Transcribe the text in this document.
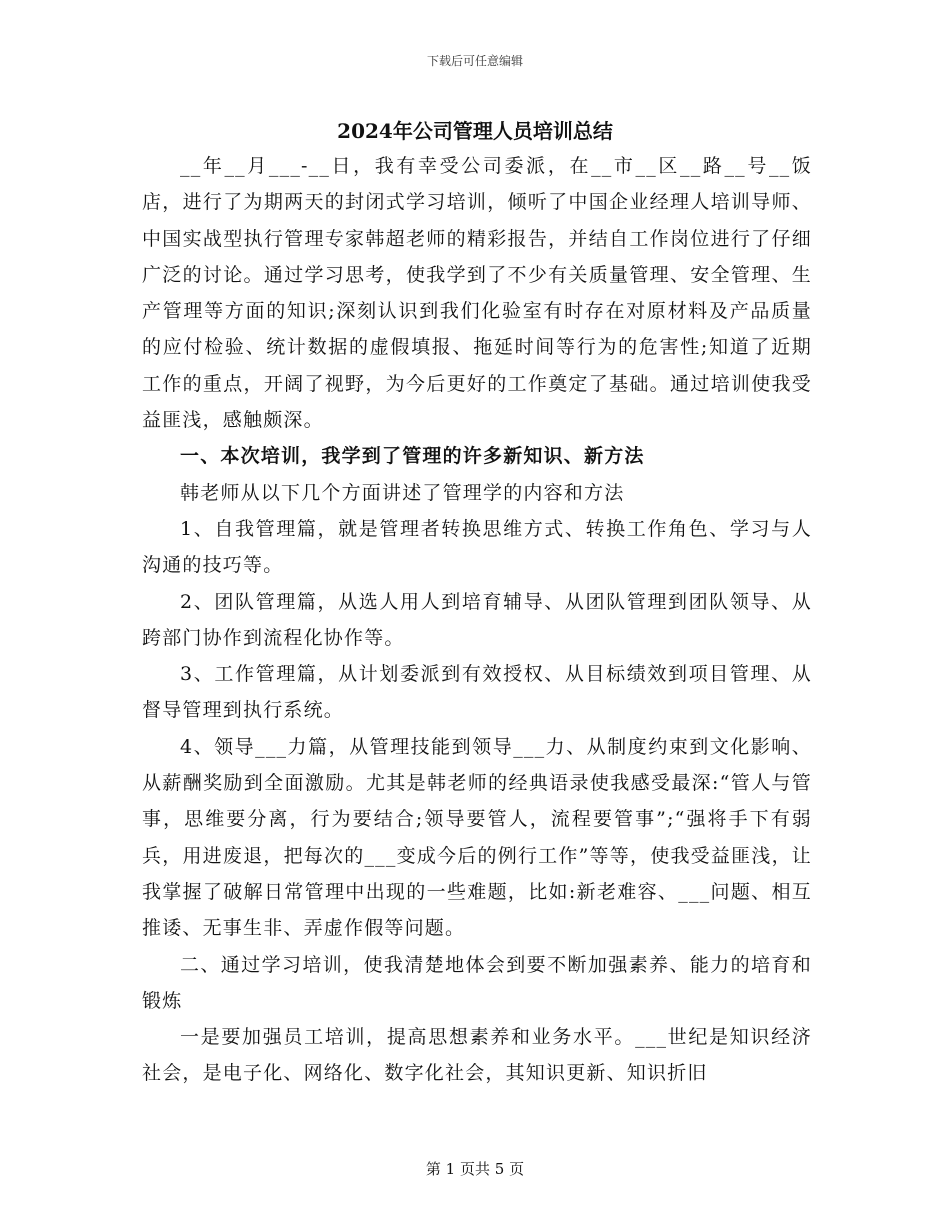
下载后可任意编辑
2024年公司管理人员培训总结

__年__月___-__日，我有幸受公司委派，在__市__区__路__号__饭店，进行了为期两天的封闭式学习培训，倾听了中国企业经理人培训导师、中国实战型执行管理专家韩超老师的精彩报告，并结自工作岗位进行了仔细广泛的讨论。通过学习思考，使我学到了不少有关质量管理、安全管理、生产管理等方面的知识;深刻认识到我们化验室有时存在对原材料及产品质量的应付检验、统计数据的虚假填报、拖延时间等行为的危害性;知道了近期工作的重点，开阔了视野，为今后更好的工作奠定了基础。通过培训使我受益匪浅，感触颇深。

一、本次培训，我学到了管理的许多新知识、新方法

韩老师从以下几个方面讲述了管理学的内容和方法

1、自我管理篇，就是管理者转换思维方式、转换工作角色、学习与人沟通的技巧等。

2、团队管理篇，从选人用人到培育辅导、从团队管理到团队领导、从跨部门协作到流程化协作等。

3、工作管理篇，从计划委派到有效授权、从目标绩效到项目管理、从督导管理到执行系统。

4、领导___力篇，从管理技能到领导___力、从制度约束到文化影响、从薪酬奖励到全面激励。尤其是韩老师的经典语录使我感受最深:“管人与管事，思维要分离，行为要结合;领导要管人，流程要管事”;“强将手下有弱兵，用进废退，把每次的___变成今后的例行工作”等等，使我受益匪浅，让我掌握了破解日常管理中出现的一些难题，比如:新老难容、___问题、相互推诿、无事生非、弄虚作假等问题。

二、通过学习培训，使我清楚地体会到要不断加强素养、能力的培育和锻炼

一是要加强员工培训，提高思想素养和业务水平。___世纪是知识经济社会，是电子化、网络化、数字化社会，其知识更新、知识折旧

第 1 页共 5 页
